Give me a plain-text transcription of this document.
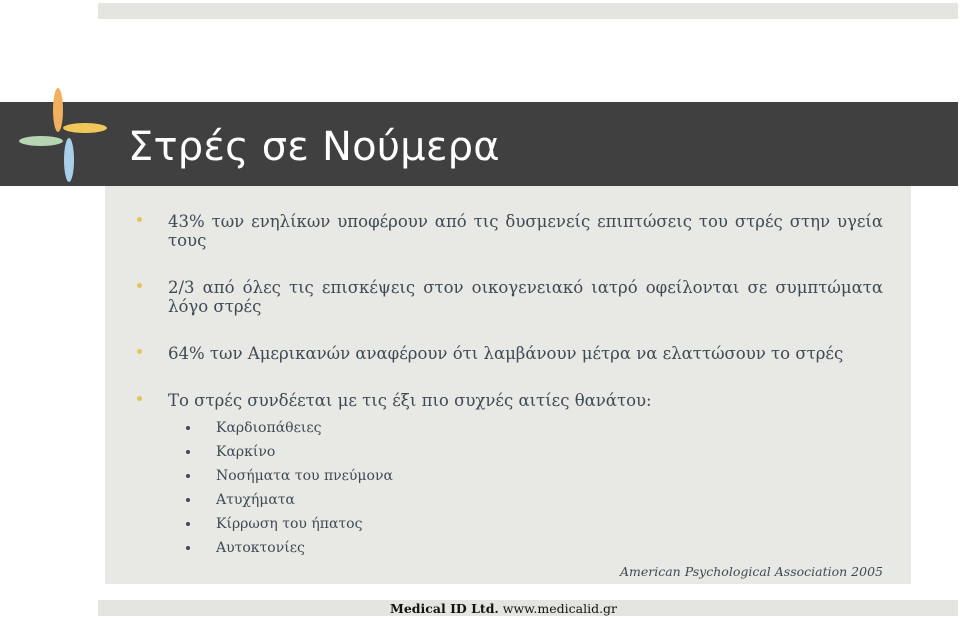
Στρές σε Νούμερα
43% των ενηλίκων υποφέρουν από τις δυσμενείς επιπτώσεις του στρές στην υγεία τους
2/3 από όλες τις επισκέψεις στον οικογενειακό ιατρό οφείλονται σε συμπτώματα λόγο στρές
64% των Αμερικανών αναφέρουν ότι λαμβάνουν μέτρα να ελαττώσουν το στρές
Το στρές συνδέεται με τις έξι πιο συχνές αιτίες θανάτου:
Καρδιοπάθειες
Καρκίνο
Νοσήματα του πνεύμονα
Ατυχήματα
Κίρρωση του ήπατος
Αυτοκτονίες
American Psychological Association 2005
Medical ID Ltd. www.medicalid.gr
